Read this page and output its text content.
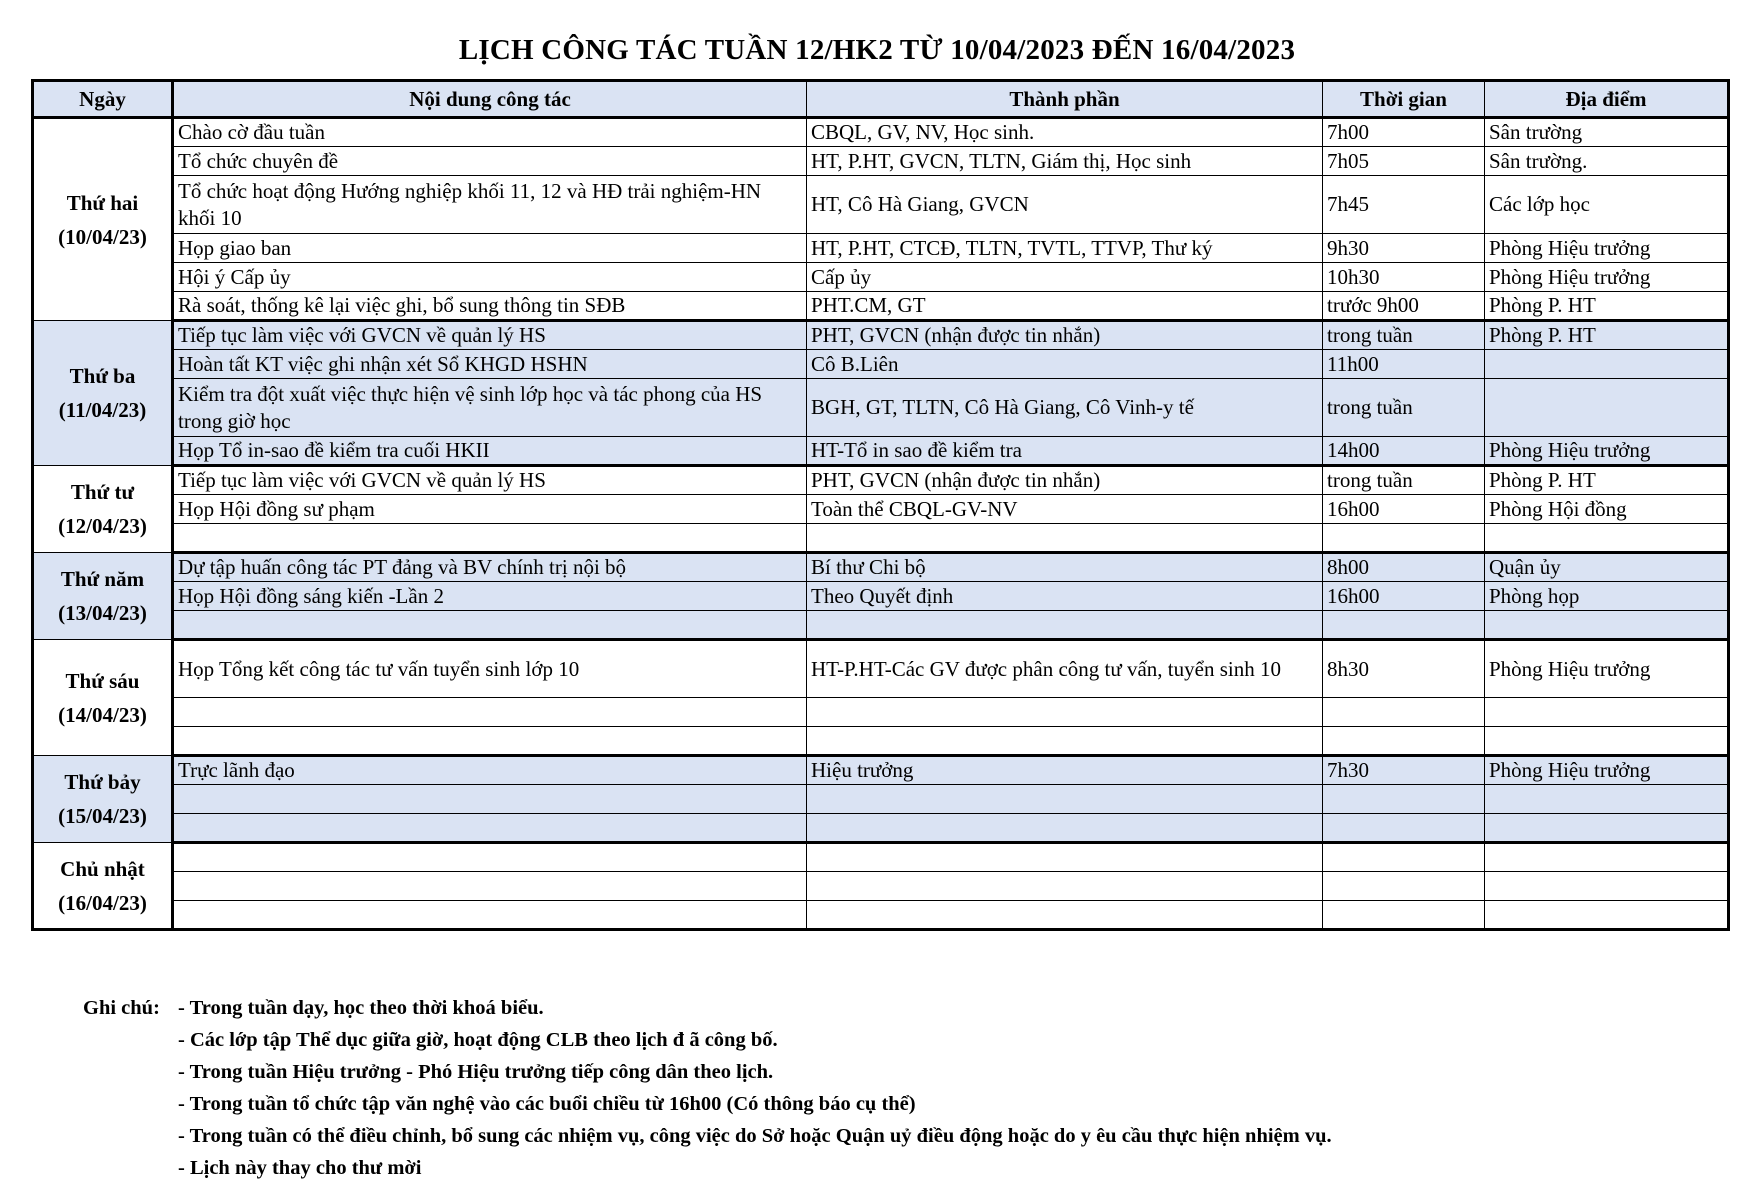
LỊCH CÔNG TÁC TUẦN 12/HK2 TỪ 10/04/2023 ĐẾN 16/04/2023
Ngày	Nội dung công tác	Thành phần	Thời gian	Địa điểm

Thứ hai
(10/04/23)	Chào cờ đầu tuần	CBQL, GV, NV, Học sinh.	7h00	Sân trường
	Tổ chức chuyên đề	HT, P.HT, GVCN, TLTN, Giám thị, Học sinh	7h05	Sân trường.
	Tổ chức hoạt động Hướng nghiệp khối 11, 12 và HĐ trải nghiệm-HN khối 10	HT, Cô Hà Giang, GVCN	7h45	Các lớp học
	Họp giao ban	HT, P.HT, CTCĐ, TLTN, TVTL, TTVP, Thư ký	9h30	Phòng Hiệu trưởng
	Hội ý Cấp ủy	Cấp ủy	10h30	Phòng Hiệu trưởng
	Rà soát, thống kê lại việc ghi, bổ sung thông tin SĐB	PHT.CM, GT	trước 9h00	Phòng P. HT

Thứ ba
(11/04/23)	Tiếp tục làm việc với GVCN về quản lý HS	PHT, GVCN (nhận được tin nhắn)	trong tuần	Phòng P. HT
	Hoàn tất KT việc ghi nhận xét Sổ KHGD HSHN	Cô B.Liên	11h00	
	Kiểm tra đột xuất việc thực hiện vệ sinh lớp học và tác phong của HS trong giờ học	BGH, GT, TLTN, Cô Hà Giang, Cô Vinh-y tế	trong tuần	
	Họp Tổ in-sao đề kiểm tra cuối HKII	HT-Tổ in sao đề kiểm tra	14h00	Phòng Hiệu trưởng

Thứ tư
(12/04/23)	Tiếp tục làm việc với GVCN về quản lý HS	PHT, GVCN (nhận được tin nhắn)	trong tuần	Phòng P. HT
	Họp Hội đồng sư phạm	Toàn thể CBQL-GV-NV	16h00	Phòng Hội đồng

Thứ năm
(13/04/23)	Dự tập huấn công tác PT đảng và BV chính trị nội bộ	Bí thư Chi bộ	8h00	Quận ủy
	Họp Hội đồng sáng kiến -Lần 2	Theo Quyết định	16h00	Phòng họp

Thứ sáu
(14/04/23)	Họp Tổng kết công tác tư vấn tuyển sinh lớp 10	HT-P.HT-Các GV được phân công tư vấn, tuyển sinh 10	8h30	Phòng Hiệu trưởng

Thứ bảy
(15/04/23)	Trực lãnh đạo	Hiệu trưởng	7h30	Phòng Hiệu trưởng

Chủ nhật
(16/04/23)				

Ghi chú: - Trong tuần dạy, học theo thời khoá biểu.
- Các lớp tập Thể dục giữa giờ, hoạt động CLB theo lịch đ ã công bố.
- Trong tuần Hiệu trưởng - Phó Hiệu trưởng tiếp công dân theo lịch.
- Trong tuần tổ chức tập văn nghệ vào các buổi chiều từ 16h00 (Có thông báo cụ thể)
- Trong tuần có thể điều chỉnh, bổ sung các nhiệm vụ, công việc do Sở hoặc Quận uỷ điều động hoặc do y êu cầu thực hiện nhiệm vụ.
- Lịch này thay cho thư mời
